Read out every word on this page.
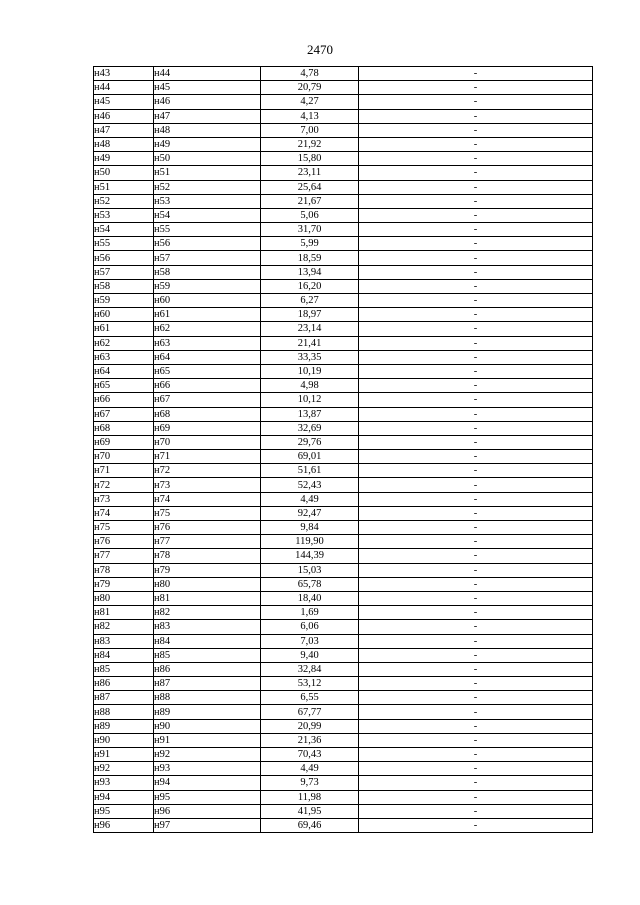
2470
н43	н44	4,78	-
н44	н45	20,79	-
н45	н46	4,27	-
н46	н47	4,13	-
н47	н48	7,00	-
н48	н49	21,92	-
н49	н50	15,80	-
н50	н51	23,11	-
н51	н52	25,64	-
н52	н53	21,67	-
н53	н54	5,06	-
н54	н55	31,70	-
н55	н56	5,99	-
н56	н57	18,59	-
н57	н58	13,94	-
н58	н59	16,20	-
н59	н60	6,27	-
н60	н61	18,97	-
н61	н62	23,14	-
н62	н63	21,41	-
н63	н64	33,35	-
н64	н65	10,19	-
н65	н66	4,98	-
н66	н67	10,12	-
н67	н68	13,87	-
н68	н69	32,69	-
н69	н70	29,76	-
н70	н71	69,01	-
н71	н72	51,61	-
н72	н73	52,43	-
н73	н74	4,49	-
н74	н75	92,47	-
н75	н76	9,84	-
н76	н77	119,90	-
н77	н78	144,39	-
н78	н79	15,03	-
н79	н80	65,78	-
н80	н81	18,40	-
н81	н82	1,69	-
н82	н83	6,06	-
н83	н84	7,03	-
н84	н85	9,40	-
н85	н86	32,84	-
н86	н87	53,12	-
н87	н88	6,55	-
н88	н89	67,77	-
н89	н90	20,99	-
н90	н91	21,36	-
н91	н92	70,43	-
н92	н93	4,49	-
н93	н94	9,73	-
н94	н95	11,98	-
н95	н96	41,95	-
н96	н97	69,46	-
